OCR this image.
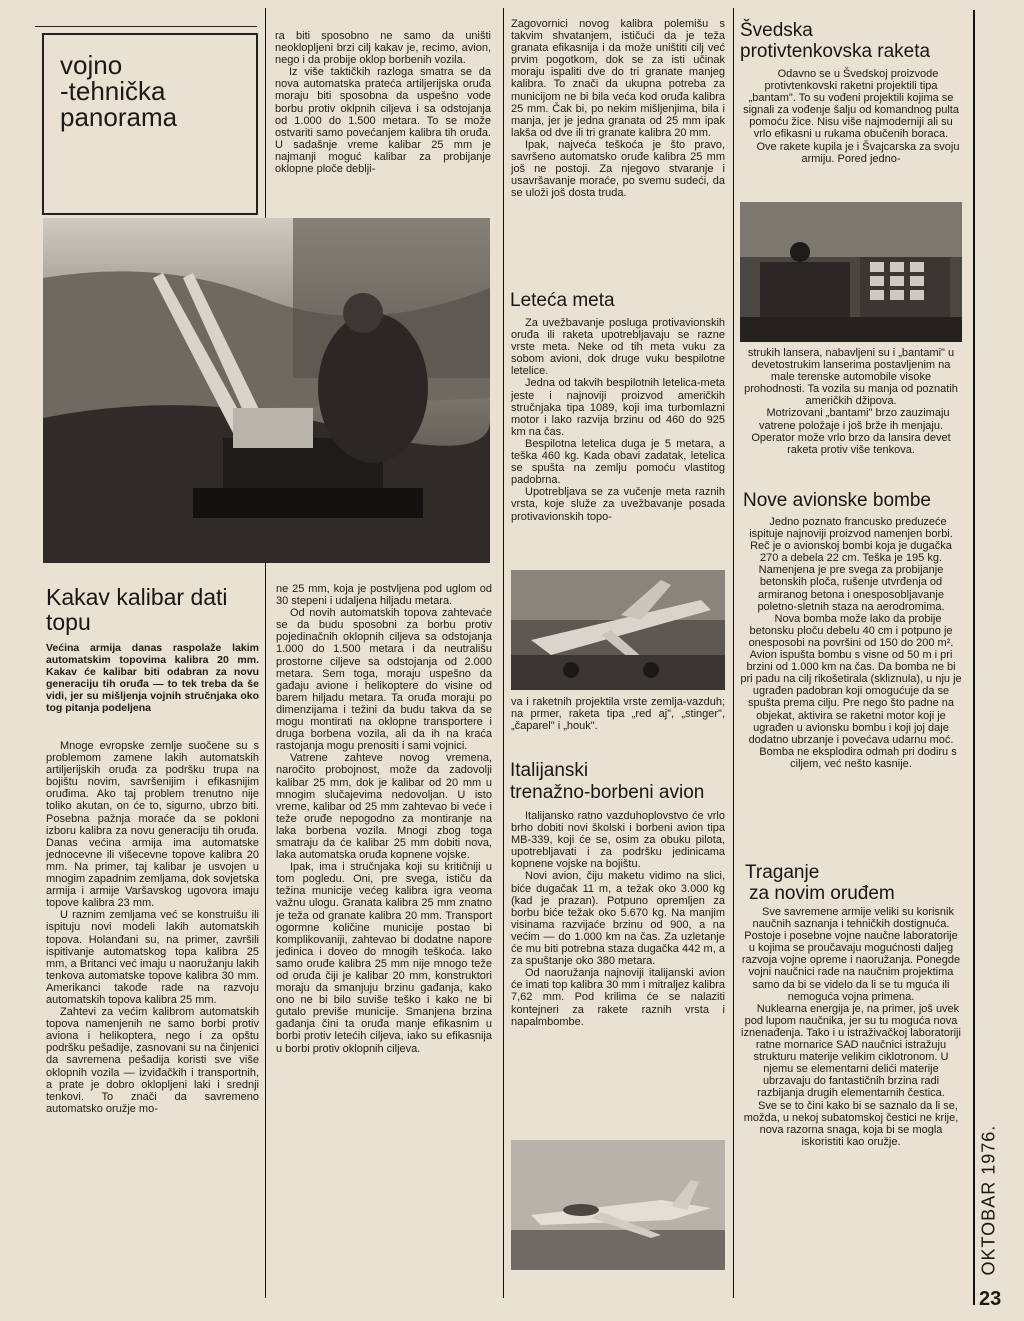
vojno
-tehnička
panorama
Kakav kalibar dati
topu

Većina armija danas raspolaže lakim automatskim topovima kalibra 20 mm. Kakav će kalibar biti odabran za novu generaciju tih oruđa — to tek treba da še vidi, jer su mišljenja vojnih stručnjaka oko tog pitanja podeljena

Mnoge evropske zemlje suočene su s problemom zamene lakih automatskih artiljerijskih oruđa za podršku trupa na bojištu novim, savršenijim i efikasnijim oruđima. Ako taj problem trenutno nije toliko akutan, on će to, sigurno, ubrzo biti. Posebna pažnja moraće da se pokloni izboru kalibra za novu generaciju tih oruđa. Danas većina armija ima automatske jednocevne ili višecevne topove kalibra 20 mm. Na primer, taj kalibar je usvojen u mnogim zapadnim zemljama, dok sovjetska armija i armije Varšavskog ugovora imaju topove kalibra 23 mm.

U raznim zemljama već se konstruišu ili ispituju novi modeli lakih automatskih topova. Holanđani su, na primer, završili ispitivanje automatskog topa kalibra 25 mm, a Britanci već imaju u naoružanju lakih tenkova automatske topove kalibra 30 mm. Amerikanci takođe rade na razvoju automatskih topova kalibra 25 mm.

Zahtevi za većim kalibrom automatskih topova namenjenih ne samo borbi protiv aviona i helikoptera, nego i za opštu podršku pešadije, zasnovani su na činjenici da savremena pešadija koristi sve više oklopnih vozila — izviđačkih i transportnih, a prate je dobro oklopljeni laki i srednji tenkovi. To znači da savremeno automatsko oružje mo-

ra biti sposobno ne samo da uništi neoklopljeni brzi cilj kakav je, recimo, avion, nego i da probije oklop borbenih vozila.

Iz više taktičkih razloga smatra se da nova automatska prateća artiljerijska oruđa moraju biti sposobna da uspešno vode borbu protiv oklpnih ciljeva i sa odstojanja od 1.000 do 1.500 metara. To se može ostvariti samo povećanjem kalibra tih oruđa. U sadašnje vreme kalibar 25 mm je najmanji moguć kalibar za probijanje oklopne ploče deblji-

ne 25 mm, koja je postvljena pod uglom od 30 stepeni i udaljena hiljadu metara.

Od novih automatskih topova zahtevaće se da budu sposobni za borbu protiv pojedinačnih oklopnih ciljeva sa odstojanja 1.000 do 1.500 metara i da neutrališu prostorne ciljeve sa odstojanja od 2.000 metara. Sem toga, moraju uspešno da gađaju avione i helikoptere do visine od barem hiljadu metara. Ta oruđa moraju po dimenzijama i težini da budu takva da se mogu montirati na oklopne transportere i druga borbena vozila, ali da ih na kraća rastojanja mogu prenositi i sami vojnici.

Vatrene zahteve novog vremena, naročito probojnost, može da zadovolji kalibar 25 mm, dok je kalibar od 20 mm u mnogim slučajevima nedovoljan. U isto vreme, kalibar od 25 mm zahtevao bi veće i teže oruđe nepogodno za montiranje na laka borbena vozila. Mnogi zbog toga smatraju da će kalibar 25 mm dobiti nova, laka automatska oruđa kopnene vojske.

Ipak, ima i stručnjaka koji su kritičniji u tom pogledu. Oni, pre svega, ističu da težina municije većeg kalibra igra veoma važnu ulogu. Granata kalibra 25 mm znatno je teža od granate kalibra 20 mm. Transport ogormne količine municije postao bi komplikovaniji, zahtevao bi dodatne napore jedinica i doveo do mnogih teškoća. Iako samo oruđe kalibra 25 mm nije mnogo teže od oruđa čiji je kalibar 20 mm, konstruktori moraju da smanjuju brzinu gađanja, kako ono ne bi bilo suviše teško i kako ne bi gutalo previše municije. Smanjena brzina gađanja čini ta oruđa manje efikasnim u borbi protiv letećih ciljeva, iako su efikasnija u borbi protiv oklopnih ciljeva.

Zagovornici novog kalibra polemišu s takvim shvatanjem, ističući da je teža granata efikasnija i da može uništiti cilj već prvim pogotkom, dok se za isti učinak moraju ispaliti dve do tri granate manjeg kalibra. To znači da ukupna potreba za municijom ne bi bila veća kod oruđa kalibra 25 mm. Čak bi, po nekim mišljenjima, bila i manja, jer je jedna granata od 25 mm ipak lakša od dve ili tri granate kalibra 20 mm.

Ipak, najveća teškoća je što pravo, savršeno automatsko oruđe kalibra 25 mm još ne postoji. Za njegovo stvaranje i usavršavanje moraće, po svemu sudeći, da se uloži još dosta truda.

Leteća meta

Za uvežbavanje posluga protivavionskih oruđa ili raketa upotrebljavaju se razne vrste meta. Neke od tih meta vuku za sobom avioni, dok druge vuku bespilotne letelice.

Jedna od takvih bespilotnih letelica-meta jeste i najnoviji proizvod američkih stručnjaka tipa 1089, koji ima turbomlazni motor i lako razvija brzinu od 460 do 925 km na čas.

Bespilotna letelica duga je 5 metara, a teška 460 kg. Kada obavi zadatak, letelica se spušta na zemlju pomoću vlastitog padobrna.

Upotrebljava se za vučenje meta raznih vrsta, koje služe za uvežbavanje posada protivavionskih topo-

va i raketnih projektila vrste zemlja-vazduh; na prmer, raketa tipa „red aj", „stinger", „čaparel" i „houk".

Italijanski
trenažno-borbeni avion

Italijansko ratno vazduhoplovstvo će vrlo brho dobiti novi školski i borbeni avion tipa MB-339, koji će se, osim za obuku pilota, upotrebljavati i za podršku jedinicama kopnene vojske na bojištu.

Novi avion, čiju maketu vidimo na slici, biće dugačak 11 m, a težak oko 3.000 kg (kad je prazan). Potpuno opremljen za borbu biće težak oko 5.670 kg. Na manjim visinama razvijaće brzinu od 900, a na većim — do 1.000 km na čas. Za uzletanje će mu biti potrebna staza dugačka 442 m, a za spuštanje oko 380 metara.

Od naoružanja najnoviji italijanski avion će imati top kalibra 30 mm i mitraljez kalibra 7,62 mm. Pod krilima će se nalaziti kontejneri za rakete raznih vrsta i napalmbombe.

Švedska
protivtenkovska raketa

Odavno se u Švedskoj proizvode protivtenkovski raketni projektili tipa „bantam". To su vođeni projektili kojima se signali za vođenje šalju od komandnog pulta pomoću žice. Nisu više najmoderniji ali su vrlo efikasni u rukama obučenih boraca.

Ove rakete kupila je i Švajcarska za svoju armiju. Pored jedno-

strukih lansera, nabavljeni su i „bantami" u devetostrukim lanserima postavljenim na male terenske automobile visoke prohodnosti. Ta vozila su manja od poznatih američkih džipova.

Motrizovani „bantami" brzo zauzimaju vatrene položaje i još brže ih menjaju. Operator može vrlo brzo da lansira devet raketa protiv više tenkova.

Nove avionske bombe

Jedno poznato francusko preduzeće ispituje najnoviji proizvod namenjen borbi. Reč je o avionskoj bombi koja je dugačka 270 a debela 22 cm. Teška je 195 kg. Namenjena je pre svega za probijanje betonskih ploča, rušenje utvrđenja od armiranog betona i onesposobljavanje poletno-sletnih staza na aerodromima.

Nova bomba može lako da probije betonsku ploču debelu 40 cm i potpuno je onesposobi na površini od 150 do 200 m². Avion ispušta bombu s visne od 50 m i pri brzini od 1.000 km na čas. Da bomba ne bi pri padu na cilj rikošetirala (skliznula), u nju je ugrađen padobran koji omogućuje da se spušta prema cilju. Pre nego što padne na objekat, aktivira se raketni motor koji je ugrađen u avionsku bombu i koji joj daje dodatno ubrzanje i povećava udarnu moć.

Bomba ne eksplodira odmah pri dodiru s ciljem, već nešto kasnije.

Traganje
za novim oruđem

Sve savremene armije veliki su korisnik naučnih saznanja i tehničkih dostignuća. Postoje i posebne vojne naučne laboratorije u kojima se proučavaju mogućnosti daljeg razvoja vojne opreme i naoružanja. Ponegde vojni naučnici rade na naučnim projektima samo da bi se videlo da li se tu mguća ili nemoguća vojna primena.

Nuklearna energija je, na primer, još uvek pod lupom naučnika, jer su tu moguća nova iznenađenja. Tako i u istraživačkoj laboratoriji ratne mornarice SAD naučnici istražuju strukturu materije velikim ciklotronom. U njemu se elementarni delići materije ubrzavaju do fantastičnih brzina radi razbijanja drugih elementarnih čestica.

Sve se to čini kako bi se saznalo da li se, možda, u nekoj subatomskoj čestici ne krije, nova razorna snaga, koja bi se mogla iskoristiti kao oružje.	OKTOBAR 1976.
23
